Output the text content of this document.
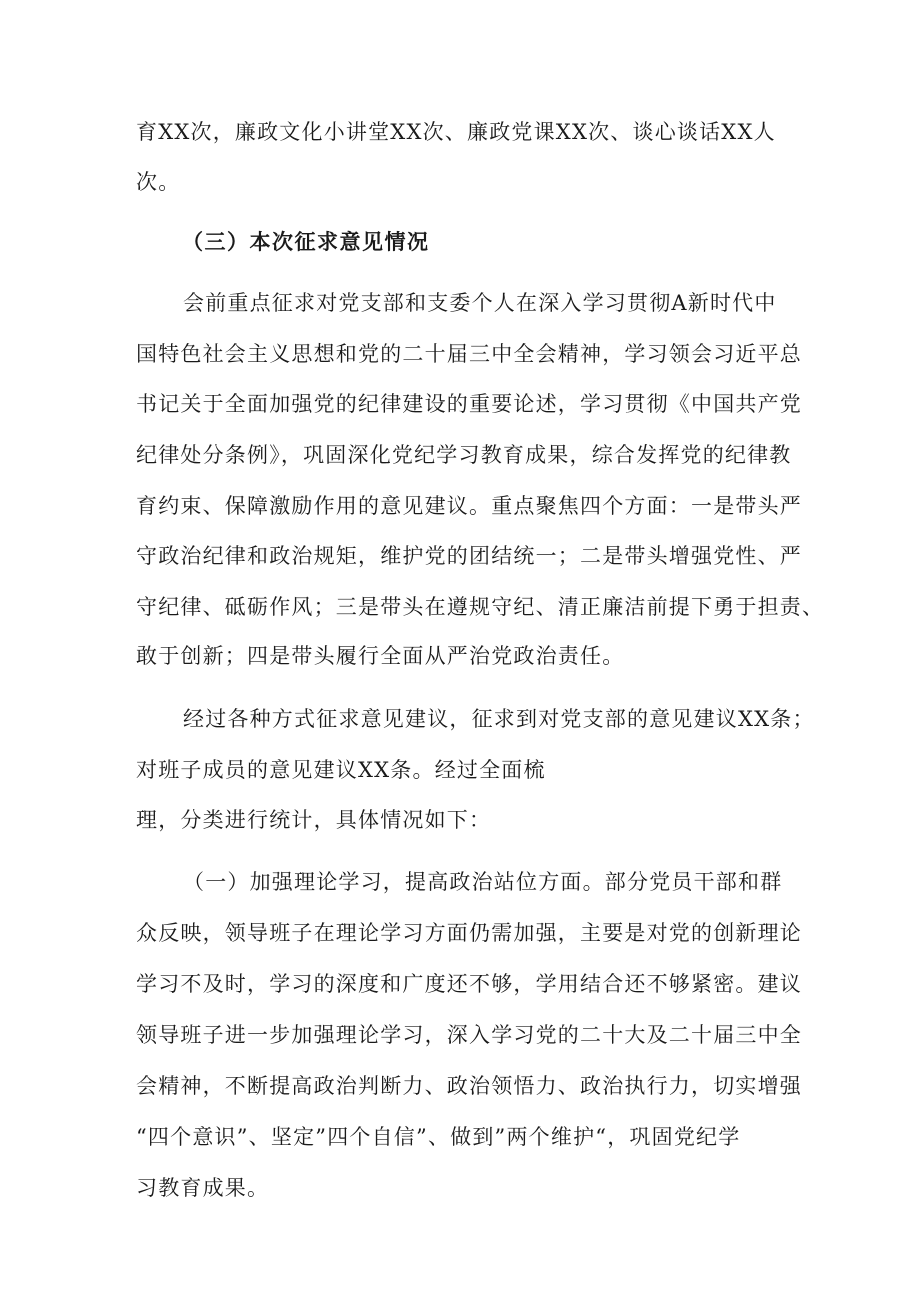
育XX次，廉政文化小讲堂XX次、廉政党课XX次、谈心谈话XX人
次。
（三）本次征求意见情况
会前重点征求对党支部和支委个人在深入学习贯彻A新时代中
国特色社会主义思想和党的二十届三中全会精神，学习领会习近平总
书记关于全面加强党的纪律建设的重要论述，学习贯彻《中国共产党
纪律处分条例》，巩固深化党纪学习教育成果，综合发挥党的纪律教
育约束、保障激励作用的意见建议。重点聚焦四个方面：一是带头严
守政治纪律和政治规矩，维护党的团结统一；二是带头增强党性、严
守纪律、砥砺作风；三是带头在遵规守纪、清正廉洁前提下勇于担责、
敢于创新；四是带头履行全面从严治党政治责任。
经过各种方式征求意见建议，征求到对党支部的意见建议XX条；
对班子成员的意见建议XX条。经过全面梳
理，分类进行统计，具体情况如下：
（一）加强理论学习，提高政治站位方面。部分党员干部和群
众反映，领导班子在理论学习方面仍需加强，主要是对党的创新理论
学习不及时，学习的深度和广度还不够，学用结合还不够紧密。建议
领导班子进一步加强理论学习，深入学习党的二十大及二十届三中全
会精神，不断提高政治判断力、政治领悟力、政治执行力，切实增强
“四个意识”、坚定”四个自信”、做到”两个维护“，巩固党纪学
习教育成果。
